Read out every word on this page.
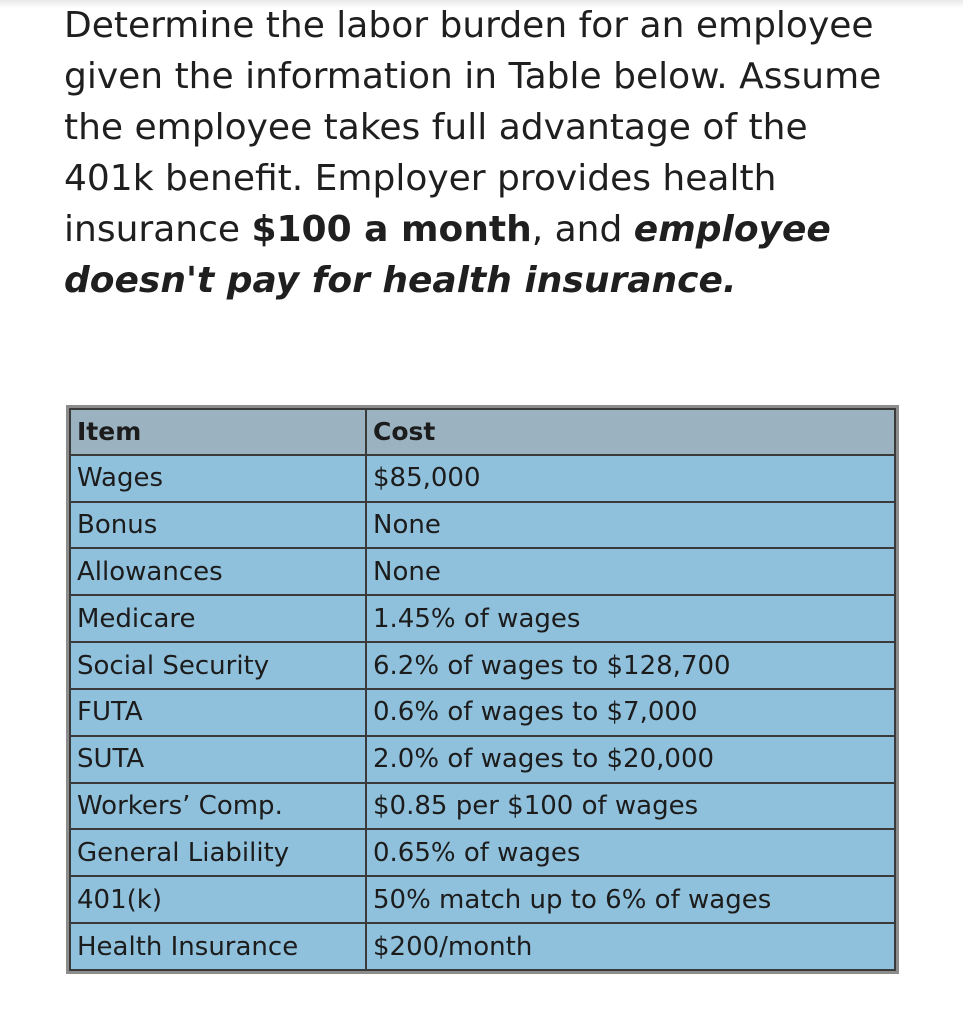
Determine the labor burden for an employee given the information in Table below. Assume the employee takes full advantage of the 401k benefit. Employer provides health insurance $100 a month, and employee doesn't pay for health insurance.

Item	Cost
Wages	$85,000
Bonus	None
Allowances	None
Medicare	1.45% of wages
Social Security	6.2% of wages to $128,700
FUTA	0.6% of wages to $7,000
SUTA	2.0% of wages to $20,000
Workers’ Comp.	$0.85 per $100 of wages
General Liability	0.65% of wages
401(k)	50% match up to 6% of wages
Health Insurance	$200/month
